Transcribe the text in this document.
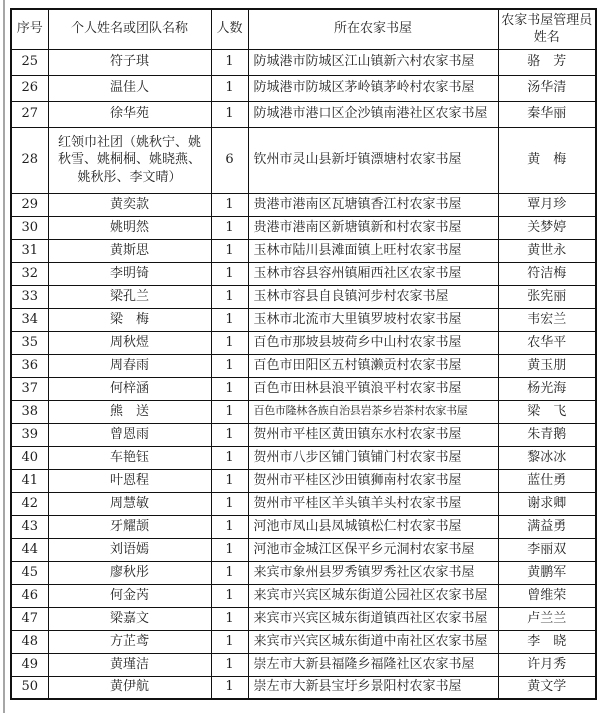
序号	个人姓名或团队名称	人数	所在农家书屋	农家书屋管理员姓名
25	符子琪	1	防城港市防城区江山镇新六村农家书屋	骆　芳
26	温佳人	1	防城港市防城区茅岭镇茅岭村农家书屋	汤华清
27	徐华苑	1	防城港市港口区企沙镇南港社区农家书屋	秦华丽
28	红领巾社团（姚秋宁、姚秋雪、姚桐桐、姚晓燕、姚秋彤、李文晴）	6	钦州市灵山县新圩镇漂塘村农家书屋	黄　梅
29	黄奕款	1	贵港市港南区瓦塘镇香江村农家书屋	覃月珍
30	姚明然	1	贵港市港南区新塘镇新和村农家书屋	关梦婷
31	黄斯思	1	玉林市陆川县滩面镇上旺村农家书屋	黄世永
32	李明锜	1	玉林市容县容州镇厢西社区农家书屋	符洁梅
33	梁孔兰	1	玉林市容县自良镇河步村农家书屋	张宪丽
34	梁　梅	1	玉林市北流市大里镇罗坡村农家书屋	韦宏兰
35	周秋煜	1	百色市那坡县坡荷乡中山村农家书屋	农华平
36	周春雨	1	百色市田阳区五村镇濑贡村农家书屋	黄玉朋
37	何梓涵	1	百色市田林县浪平镇浪平村农家书屋	杨光海
38	熊　送	1	百色市隆林各族自治县岩茶乡岩茶村农家书屋	梁　飞
39	曾恩雨	1	贺州市平桂区黄田镇东水村农家书屋	朱青鹅
40	车艳钰	1	贺州市八步区铺门镇铺门村农家书屋	黎冰冰
41	叶恩程	1	贺州市平桂区沙田镇狮南村农家书屋	蓝仕勇
42	周慧敏	1	贺州市平桂区羊头镇羊头村农家书屋	谢求卿
43	牙耀颉	1	河池市凤山县凤城镇松仁村农家书屋	满益勇
44	刘语嫣	1	河池市金城江区保平乡元洞村农家书屋	李丽双
45	廖秋彤	1	来宾市象州县罗秀镇罗秀社区农家书屋	黄鹏军
46	何金芮	1	来宾市兴宾区城东街道公园社区农家书屋	曾维荣
47	梁嘉文	1	来宾市兴宾区城东街道镇西社区农家书屋	卢兰兰
48	方芷鸢	1	来宾市兴宾区城东街道中南社区农家书屋	李　晓
49	黄瑾洁	1	崇左市大新县福隆乡福隆社区农家书屋	许月秀
50	黄伊航	1	崇左市大新县宝圩乡景阳村农家书屋	黄文学
